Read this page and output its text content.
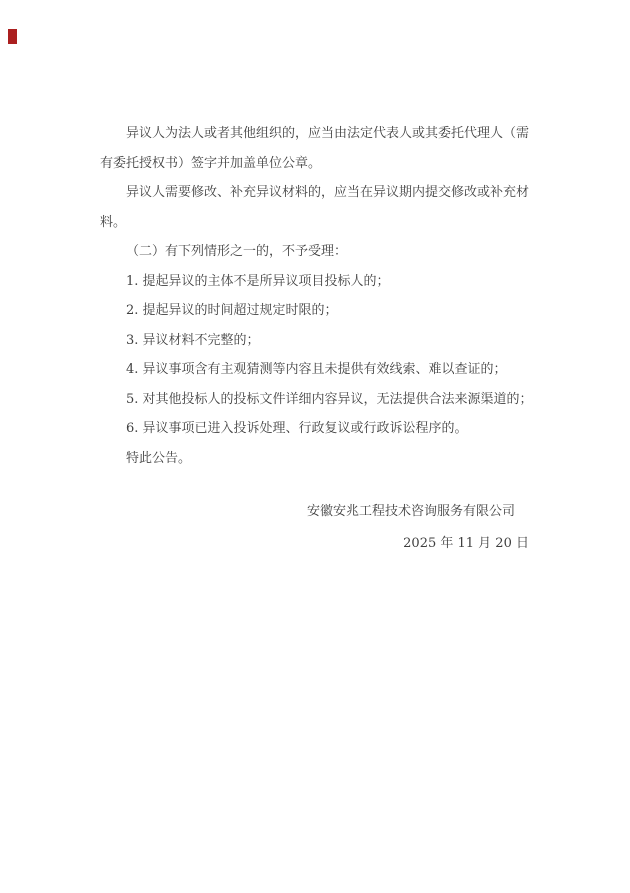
异议人为法人或者其他组织的，应当由法定代表人或其委托代理人（需
有委托授权书）签字并加盖单位公章。
异议人需要修改、补充异议材料的，应当在异议期内提交修改或补充材
料。
（二）有下列情形之一的，不予受理：
1. 提起异议的主体不是所异议项目投标人的；
2. 提起异议的时间超过规定时限的；
3. 异议材料不完整的；
4. 异议事项含有主观猜测等内容且未提供有效线索、难以查证的；
5. 对其他投标人的投标文件详细内容异议，无法提供合法来源渠道的；
6. 异议事项已进入投诉处理、行政复议或行政诉讼程序的。
特此公告。
安徽安兆工程技术咨询服务有限公司
2025 年 11 月 20 日
